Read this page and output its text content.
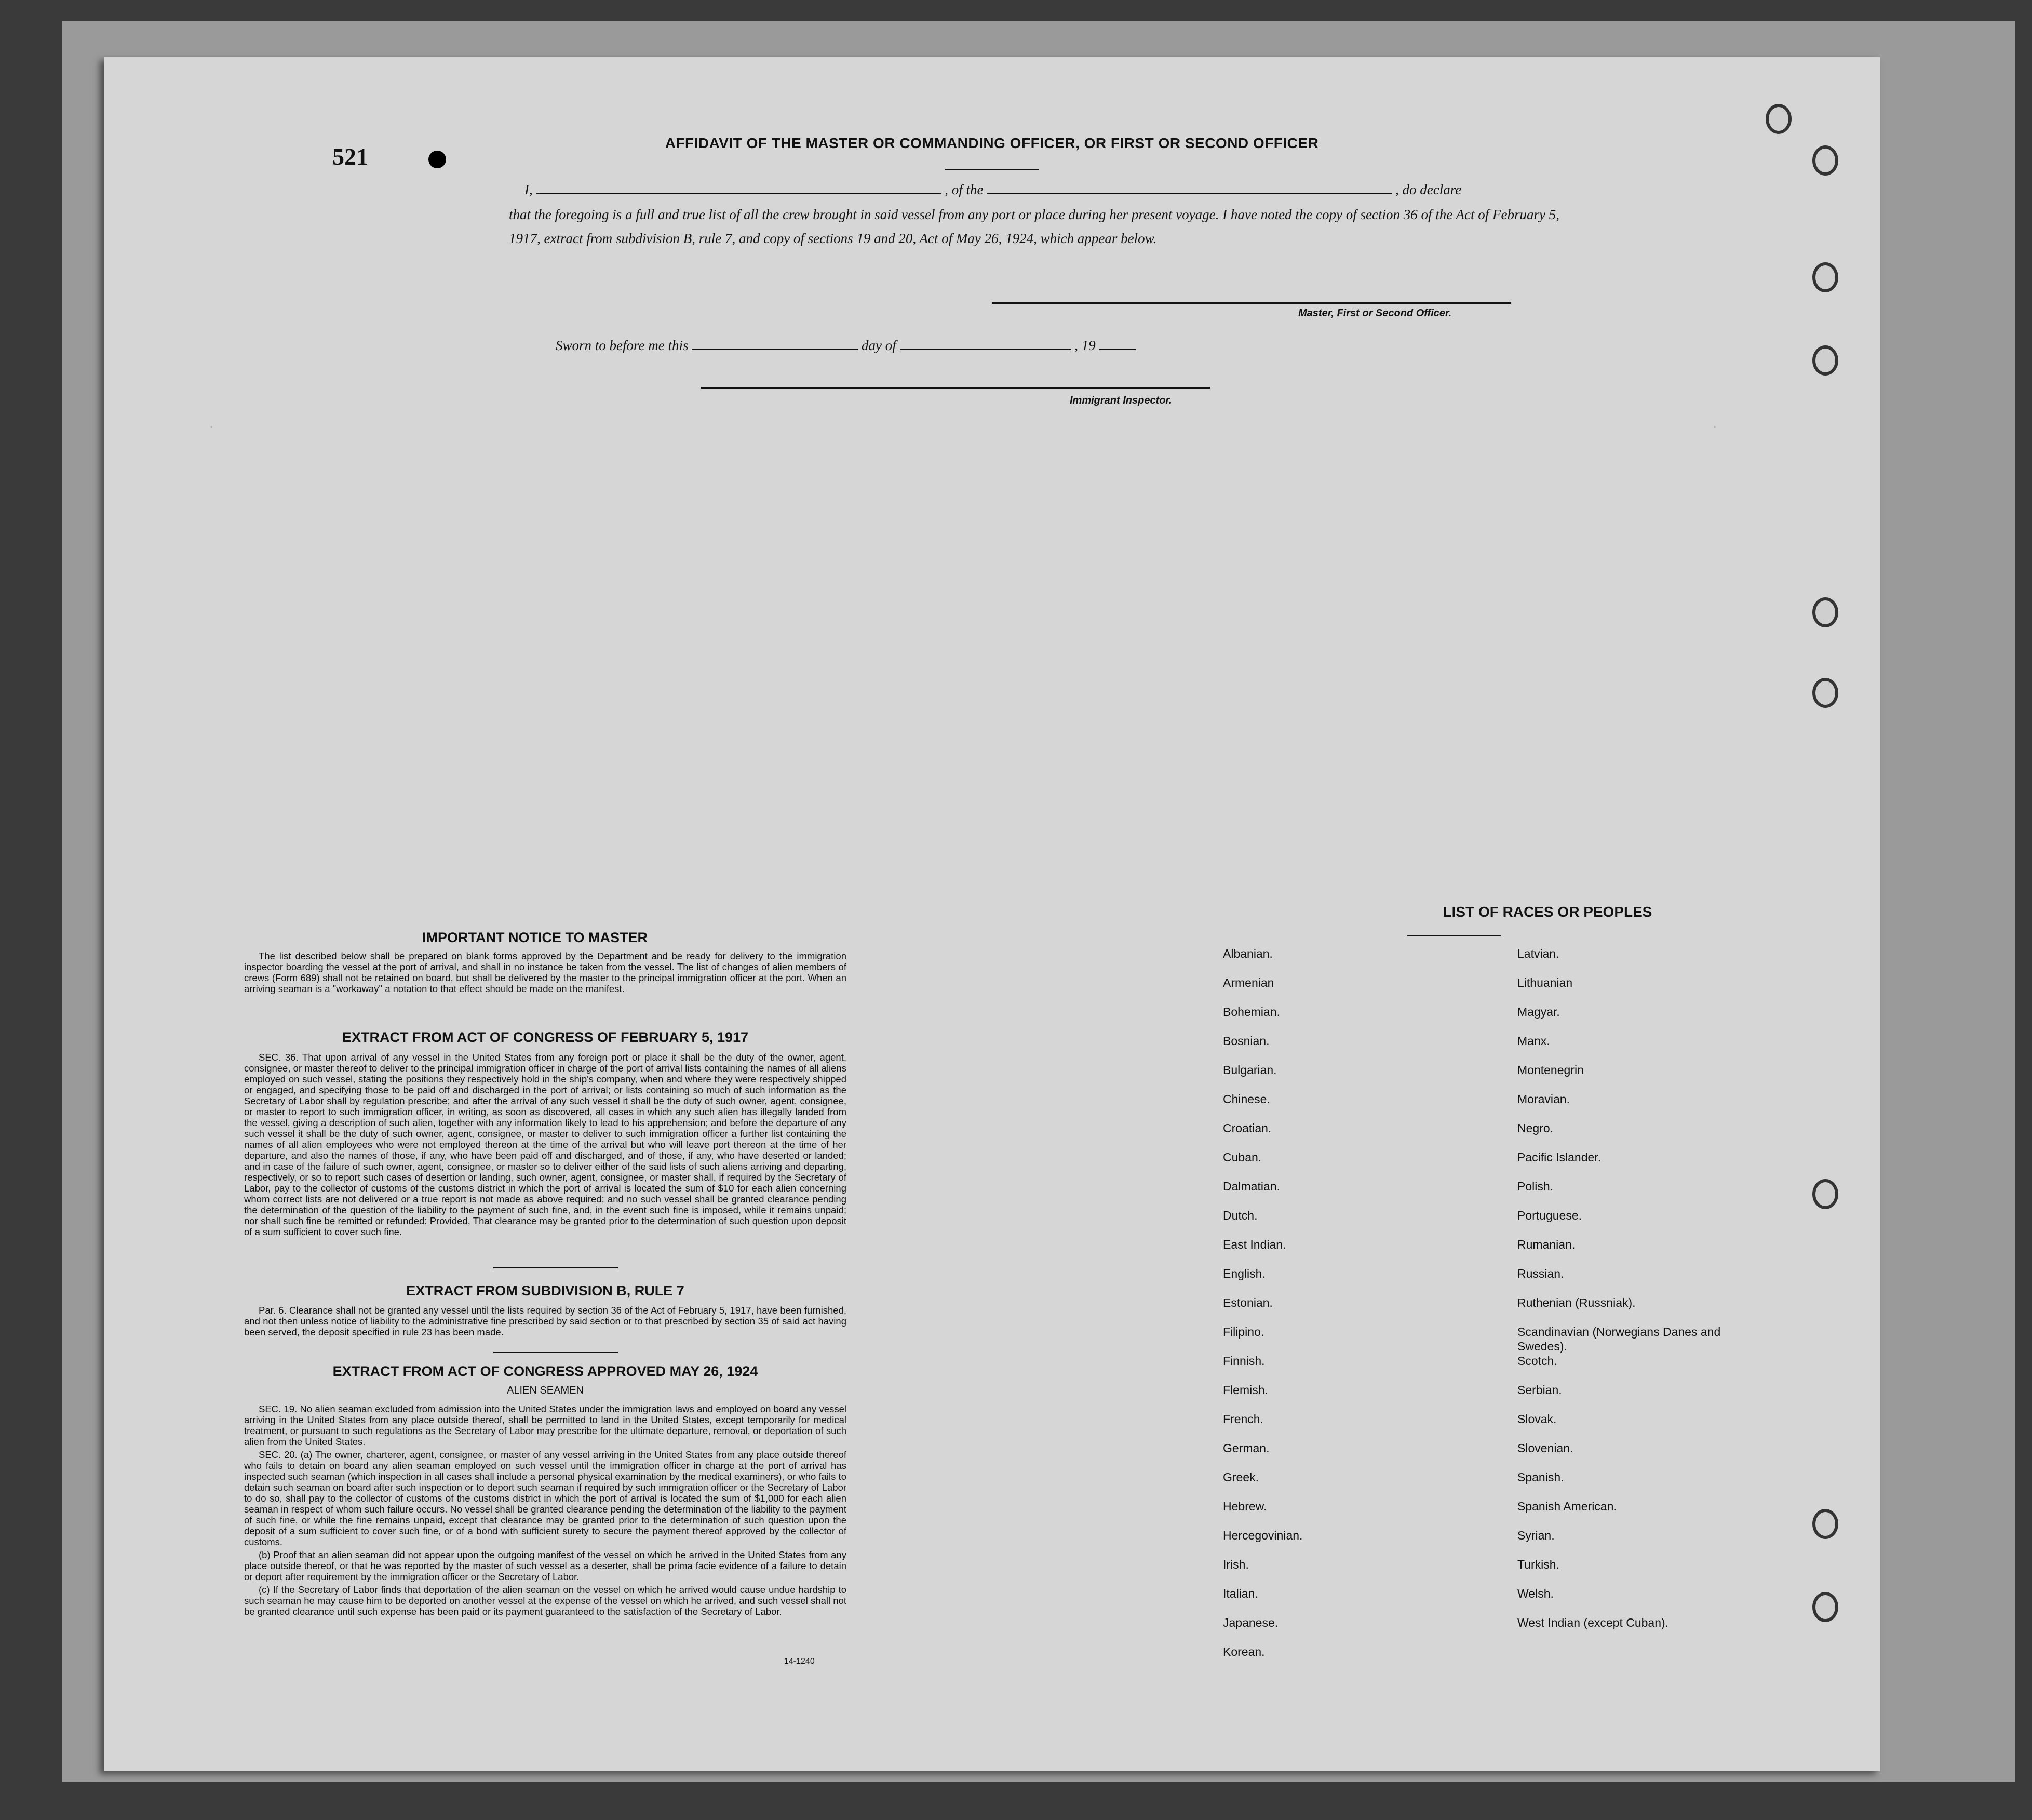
521
·                                                                                                                                                                                                        ·
AFFIDAVIT OF THE MASTER OR COMMANDING OFFICER, OR FIRST OR SECOND OFFICER
I,	, of the	, do declare
that the foregoing is a full and true list of all the crew brought in said vessel from any port or place during her present voyage. I have noted the copy of section 36 of the Act of February 5, 1917, extract from subdivision B, rule 7, and copy of sections 19 and 20, Act of May 26, 1924, which appear below.
Master, First or Second Officer.
Sworn to before me this	day of	, 19
Immigrant Inspector.
IMPORTANT NOTICE TO MASTER

The list described below shall be prepared on blank forms approved by the Department and be ready for delivery to the immigration inspector boarding the vessel at the port of arrival, and shall in no instance be taken from the vessel. The list of changes of alien members of crews (Form 689) shall not be retained on board, but shall be delivered by the master to the principal immigration officer at the port. When an arriving seaman is a "workaway" a notation to that effect should be made on the manifest.

EXTRACT FROM ACT OF CONGRESS OF FEBRUARY 5, 1917

SEC. 36. That upon arrival of any vessel in the United States from any foreign port or place it shall be the duty of the owner, agent, consignee, or master thereof to deliver to the principal immigration officer in charge of the port of arrival lists containing the names of all aliens employed on such vessel, stating the positions they respectively hold in the ship's company, when and where they were respectively shipped or engaged, and specifying those to be paid off and discharged in the port of arrival; or lists containing so much of such information as the Secretary of Labor shall by regulation prescribe; and after the arrival of any such vessel it shall be the duty of such owner, agent, consignee, or master to report to such immigration officer, in writing, as soon as discovered, all cases in which any such alien has illegally landed from the vessel, giving a description of such alien, together with any information likely to lead to his apprehension; and before the departure of any such vessel it shall be the duty of such owner, agent, consignee, or master to deliver to such immigration officer a further list containing the names of all alien employees who were not employed thereon at the time of the arrival but who will leave port thereon at the time of her departure, and also the names of those, if any, who have been paid off and discharged, and of those, if any, who have deserted or landed; and in case of the failure of such owner, agent, consignee, or master so to deliver either of the said lists of such aliens arriving and departing, respectively, or so to report such cases of desertion or landing, such owner, agent, consignee, or master shall, if required by the Secretary of Labor, pay to the collector of customs of the customs district in which the port of arrival is located the sum of $10 for each alien concerning whom correct lists are not delivered or a true report is not made as above required; and no such vessel shall be granted clearance pending the determination of the question of the liability to the payment of such fine, and, in the event such fine is imposed, while it remains unpaid; nor shall such fine be remitted or refunded: Provided, That clearance may be granted prior to the determination of such question upon deposit of a sum sufficient to cover such fine.

EXTRACT FROM SUBDIVISION B, RULE 7

Par. 6. Clearance shall not be granted any vessel until the lists required by section 36 of the Act of February 5, 1917, have been furnished, and not then unless notice of liability to the administrative fine prescribed by said section or to that prescribed by section 35 of said act having been served, the deposit specified in rule 23 has been made.

EXTRACT FROM ACT OF CONGRESS APPROVED MAY 26, 1924
ALIEN SEAMEN

SEC. 19. No alien seaman excluded from admission into the United States under the immigration laws and employed on board any vessel arriving in the United States from any place outside thereof, shall be permitted to land in the United States, except temporarily for medical treatment, or pursuant to such regulations as the Secretary of Labor may prescribe for the ultimate departure, removal, or deportation of such alien from the United States.

SEC. 20. (a) The owner, charterer, agent, consignee, or master of any vessel arriving in the United States from any place outside thereof who fails to detain on board any alien seaman employed on such vessel until the immigration officer in charge at the port of arrival has inspected such seaman (which inspection in all cases shall include a personal physical examination by the medical examiners), or who fails to detain such seaman on board after such inspection or to deport such seaman if required by such immigration officer or the Secretary of Labor to do so, shall pay to the collector of customs of the customs district in which the port of arrival is located the sum of $1,000 for each alien seaman in respect of whom such failure occurs. No vessel shall be granted clearance pending the determination of the liability to the payment of such fine, or while the fine remains unpaid, except that clearance may be granted prior to the determination of such question upon the deposit of a sum sufficient to cover such fine, or of a bond with sufficient surety to secure the payment thereof approved by the collector of customs.

(b) Proof that an alien seaman did not appear upon the outgoing manifest of the vessel on which he arrived in the United States from any place outside thereof, or that he was reported by the master of such vessel as a deserter, shall be prima facie evidence of a failure to detain or deport after requirement by the immigration officer or the Secretary of Labor.

(c) If the Secretary of Labor finds that deportation of the alien seaman on the vessel on which he arrived would cause undue hardship to such seaman he may cause him to be deported on another vessel at the expense of the vessel on which he arrived, and such vessel shall not be granted clearance until such expense has been paid or its payment guaranteed to the satisfaction of the Secretary of Labor.

14-1240
LIST OF RACES OR PEOPLES
Albanian.
Armenian
Bohemian.
Bosnian.
Bulgarian.
Chinese.
Croatian.
Cuban.
Dalmatian.
Dutch.
East Indian.
English.
Estonian.
Filipino.
Finnish.
Flemish.
French.
German.
Greek.
Hebrew.
Hercegovinian.
Irish.
Italian.
Japanese.
Korean.
Latvian.
Lithuanian
Magyar.
Manx.
Montenegrin
Moravian.
Negro.
Pacific Islander.
Polish.
Portuguese.
Rumanian.
Russian.
Ruthenian (Russniak).
Scandinavian (Norwegians Danes and Swedes).
Scotch.
Serbian.
Slovak.
Slovenian.
Spanish.
Spanish American.
Syrian.
Turkish.
Welsh.
West Indian (except Cuban).
